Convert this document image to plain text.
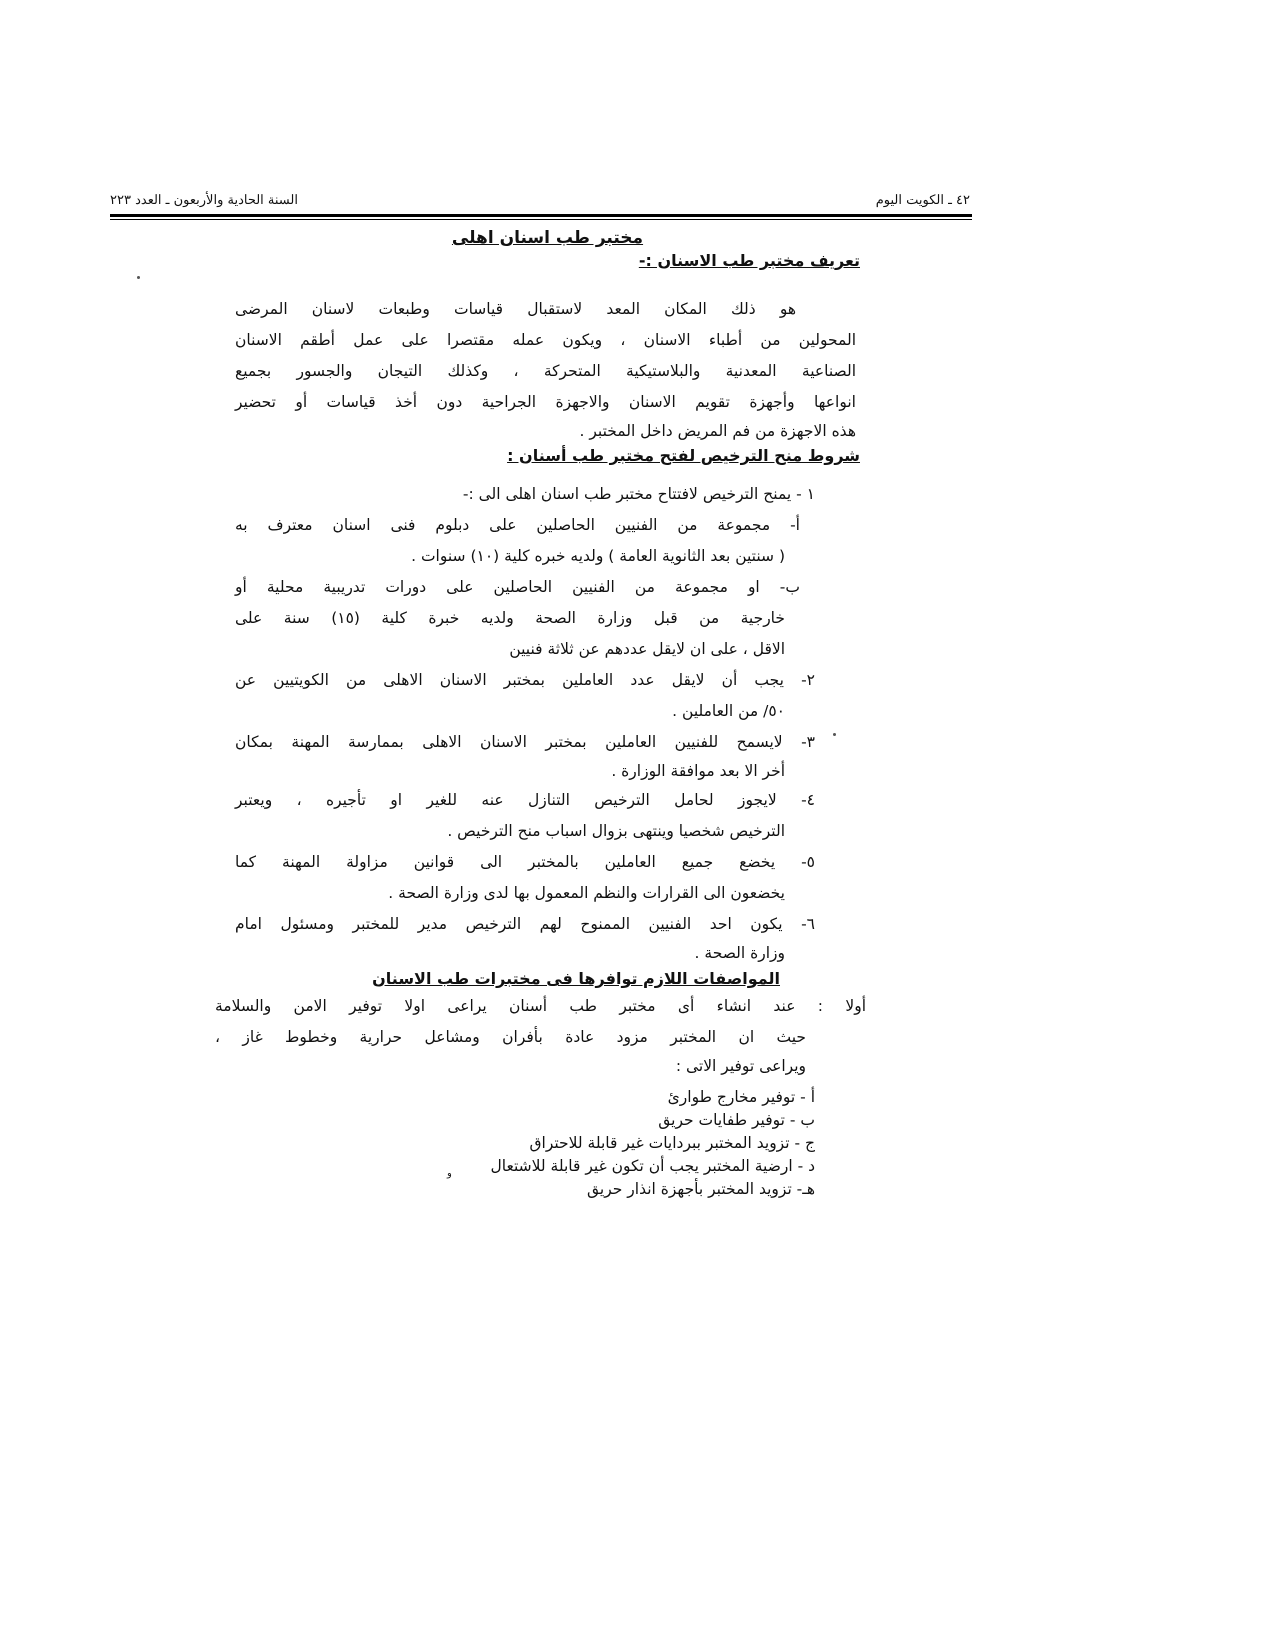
٤٢ ـ الكويت اليوم
السنة الحادية والأربعون ـ العدد ٢٢٣

مختبر طب اسنان اهلى

تعريف مختبر طب الاسنان :-

هو ذلك المكان المعد لاستقبال قياسات وطبعات لاسنان المرضى
المحولين من أطباء الاسنان ، ويكون عمله مقتصرا على عمل أطقم الاسنان
الصناعية المعدنية والبلاستيكية المتحركة ، وكذلك التيجان والجسور بجميع
انواعها وأجهزة تقويم الاسنان والاجهزة الجراحية دون أخذ قياسات أو تحضير
هذه الاجهزة من فم المريض داخل المختبر .

شروط منح الترخيص لفتح مختبر طب أسنان :

١ - يمنح الترخيص لافتتاح مختبر طب اسنان اهلى الى :-
أ- مجموعة من الفنيين الحاصلين على دبلوم فنى اسنان معترف به
( سنتين بعد الثانوية العامة ) ولديه خبره كلية (١٠) سنوات .
ب- او مجموعة من الفنيين الحاصلين على دورات تدريبية محلية أو
خارجية من قبل وزارة الصحة ولديه خبرة كلية (١٥) سنة على
الاقل ، على ان لايقل عددهم عن ثلاثة فنيين
٢- يجب أن لايقل عدد العاملين بمختبر الاسنان الاهلى من الكويتيين عن
٥٠/ من العاملين .
٣- لايسمح للفنيين العاملين بمختبر الاسنان الاهلى بممارسة المهنة بمكان
أخر الا بعد موافقة الوزارة .
٤- لايجوز لحامل الترخيص التنازل عنه للغير او تأجيره ، ويعتبر
الترخيص شخصيا وينتهى بزوال اسباب منح الترخيص .
٥- يخضع جميع العاملين بالمختبر الى قوانين مزاولة المهنة كما
يخضعون الى القرارات والنظم المعمول بها لدى وزارة الصحة .
٦- يكون احد الفنيين الممنوح لهم الترخيص مدير للمختبر ومسئول امام
وزارة الصحة .

المواصفات اللازم توافرها فى مختبرات طب الاسنان

أولا : عند انشاء أى مختبر طب أسنان يراعى اولا توفير الامن والسلامة
حيث ان المختبر مزود عادة بأفران ومشاعل حرارية وخطوط غاز ،
ويراعى توفير الاتى :
أ - توفير مخارج طوارئ
ب - توفير طفايات حريق
ج - تزويد المختبر ببردايات غير قابلة للاحتراق
د - ارضية المختبر يجب أن تكون غير قابلة للاشتعال
هـ- تزويد المختبر بأجهزة انذار حريق
و
